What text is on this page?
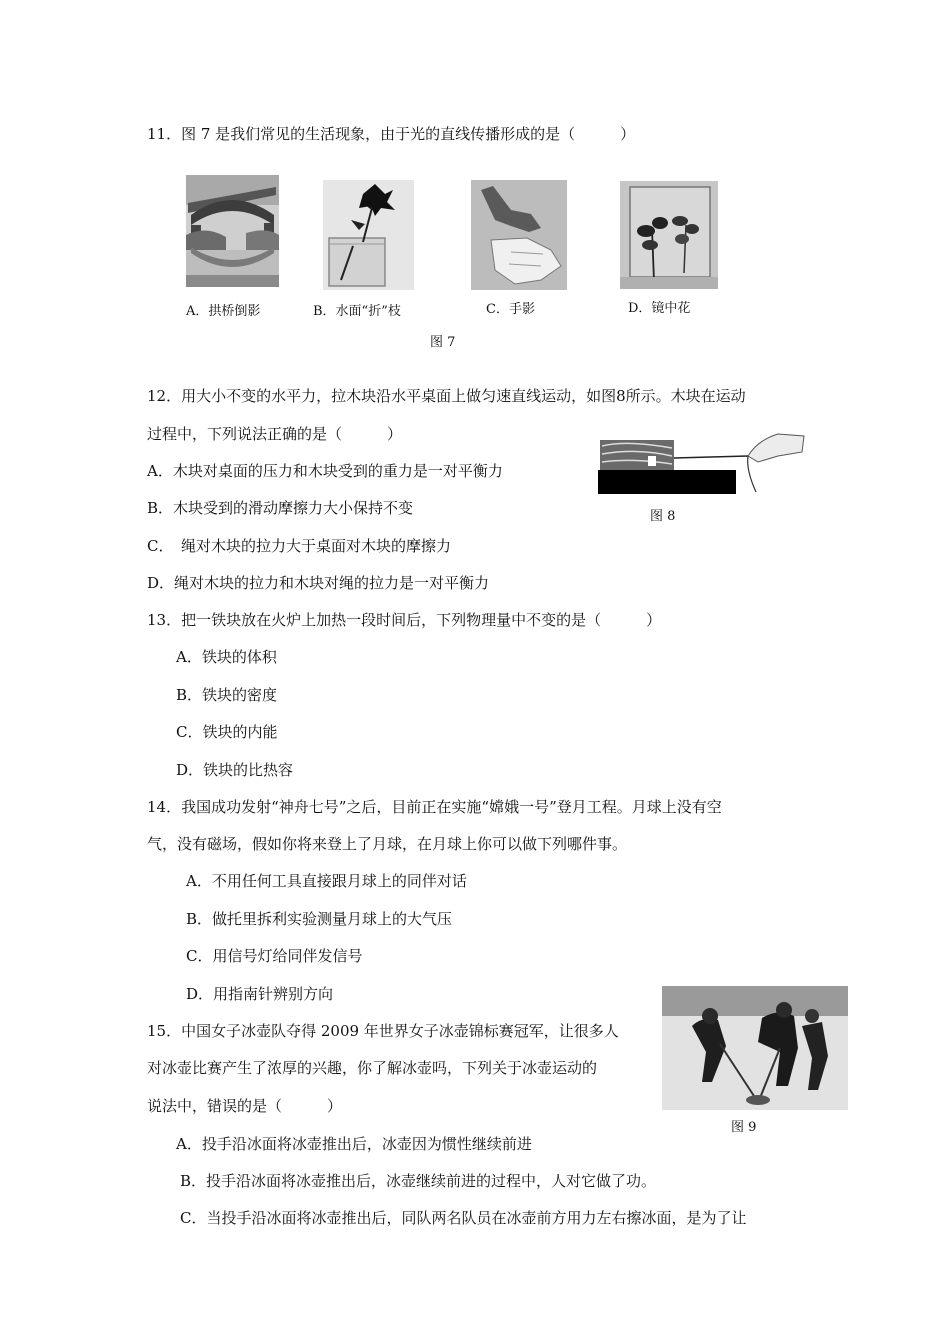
11．图 7 是我们常见的生活现象，由于光的直线传播形成的是（　　　）
A．拱桥倒影	B．水面“折”枝	C．手影	D．镜中花
图 7
12．用大小不变的水平力，拉木块沿水平桌面上做匀速直线运动，如图8所示。木块在运动
过程中，下列说法正确的是（　　　）
A．木块对桌面的压力和木块受到的重力是一对平衡力
B．木块受到的滑动摩擦力大小保持不变
C．　绳对木块的拉力大于桌面对木块的摩擦力
D．绳对木块的拉力和木块对绳的拉力是一对平衡力
图 8
13．把一铁块放在火炉上加热一段时间后，下列物理量中不变的是（　　　）
A．铁块的体积
B．铁块的密度
C．铁块的内能
D．铁块的比热容
14．我国成功发射“神舟七号”之后，目前正在实施“嫦娥一号”登月工程。月球上没有空
气，没有磁场，假如你将来登上了月球，在月球上你可以做下列哪件事。
A．不用任何工具直接跟月球上的同伴对话
B．做托里拆利实验测量月球上的大气压
C．用信号灯给同伴发信号
D．用指南针辨别方向
15．中国女子冰壶队夺得 2009 年世界女子冰壶锦标赛冠军，让很多人
对冰壶比赛产生了浓厚的兴趣，你了解冰壶吗，下列关于冰壶运动的
说法中，错误的是（　　　）
图 9
A．投手沿冰面将冰壶推出后，冰壶因为惯性继续前进
B．投手沿冰面将冰壶推出后，冰壶继续前进的过程中，人对它做了功。
C．当投手沿冰面将冰壶推出后，同队两名队员在冰壶前方用力左右擦冰面，是为了让
